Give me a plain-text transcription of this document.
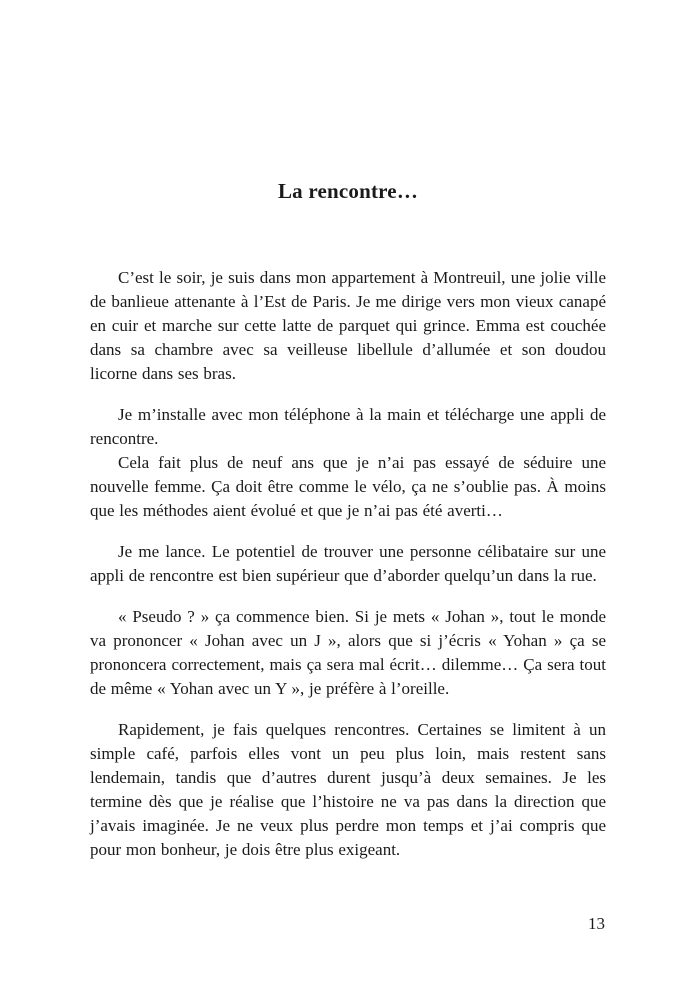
La rencontre…

C’est le soir, je suis dans mon appartement à Montreuil, une jolie ville de banlieue attenante à l’Est de Paris. Je me dirige vers mon vieux canapé en cuir et marche sur cette latte de parquet qui grince. Emma est couchée dans sa chambre avec sa veilleuse libellule d’allumée et son doudou licorne dans ses bras.

Je m’installe avec mon téléphone à la main et télécharge une appli de rencontre.

Cela fait plus de neuf ans que je n’ai pas essayé de séduire une nouvelle femme. Ça doit être comme le vélo, ça ne s’oublie pas. À moins que les méthodes aient évolué et que je n’ai pas été averti…

Je me lance. Le potentiel de trouver une personne célibataire sur une appli de rencontre est bien supérieur que d’aborder quelqu’un dans la rue.

« Pseudo ? » ça commence bien. Si je mets « Johan », tout le monde va prononcer « Johan avec un J », alors que si j’écris « Yohan » ça se prononcera correctement, mais ça sera mal écrit… dilemme… Ça sera tout de même « Yohan avec un Y », je préfère à l’oreille.

Rapidement, je fais quelques rencontres. Certaines se limitent à un simple café, parfois elles vont un peu plus loin, mais restent sans lendemain, tandis que d’autres durent jusqu’à deux semaines. Je les termine dès que je réalise que l’histoire ne va pas dans la direction que j’avais imaginée. Je ne veux plus perdre mon temps et j’ai compris que pour mon bonheur, je dois être plus exigeant.

13
